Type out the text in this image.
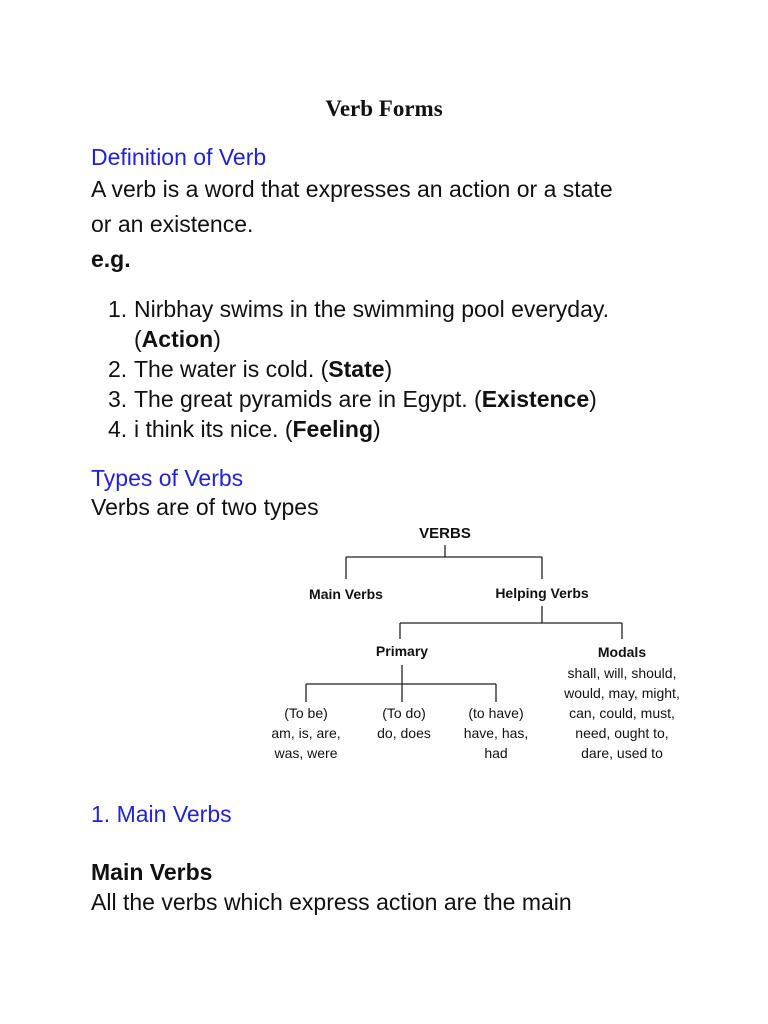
Verb Forms
Definition of Verb

A verb is a word that expresses an action or a state

or an existence.

e.g.

1. Nirbhay swims in the swimming pool everyday.
(Action)
2. The water is cold. (State)
3. The great pyramids are in Egypt. (Existence)
4. i think its nice. (Feeling)
Types of Verbs

Verbs are of two types

VERBS
Main Verbs	Helping Verbs
Primary	Modals
shall, will, should,
would, may, might,
can, could, must,
need, ought to,
dare, used to
(To be)
am, is, are,
was, were
(To do)
do, does
(to have)
have, has,
had
1. Main Verbs
Main Verbs

All the verbs which express action are the main
